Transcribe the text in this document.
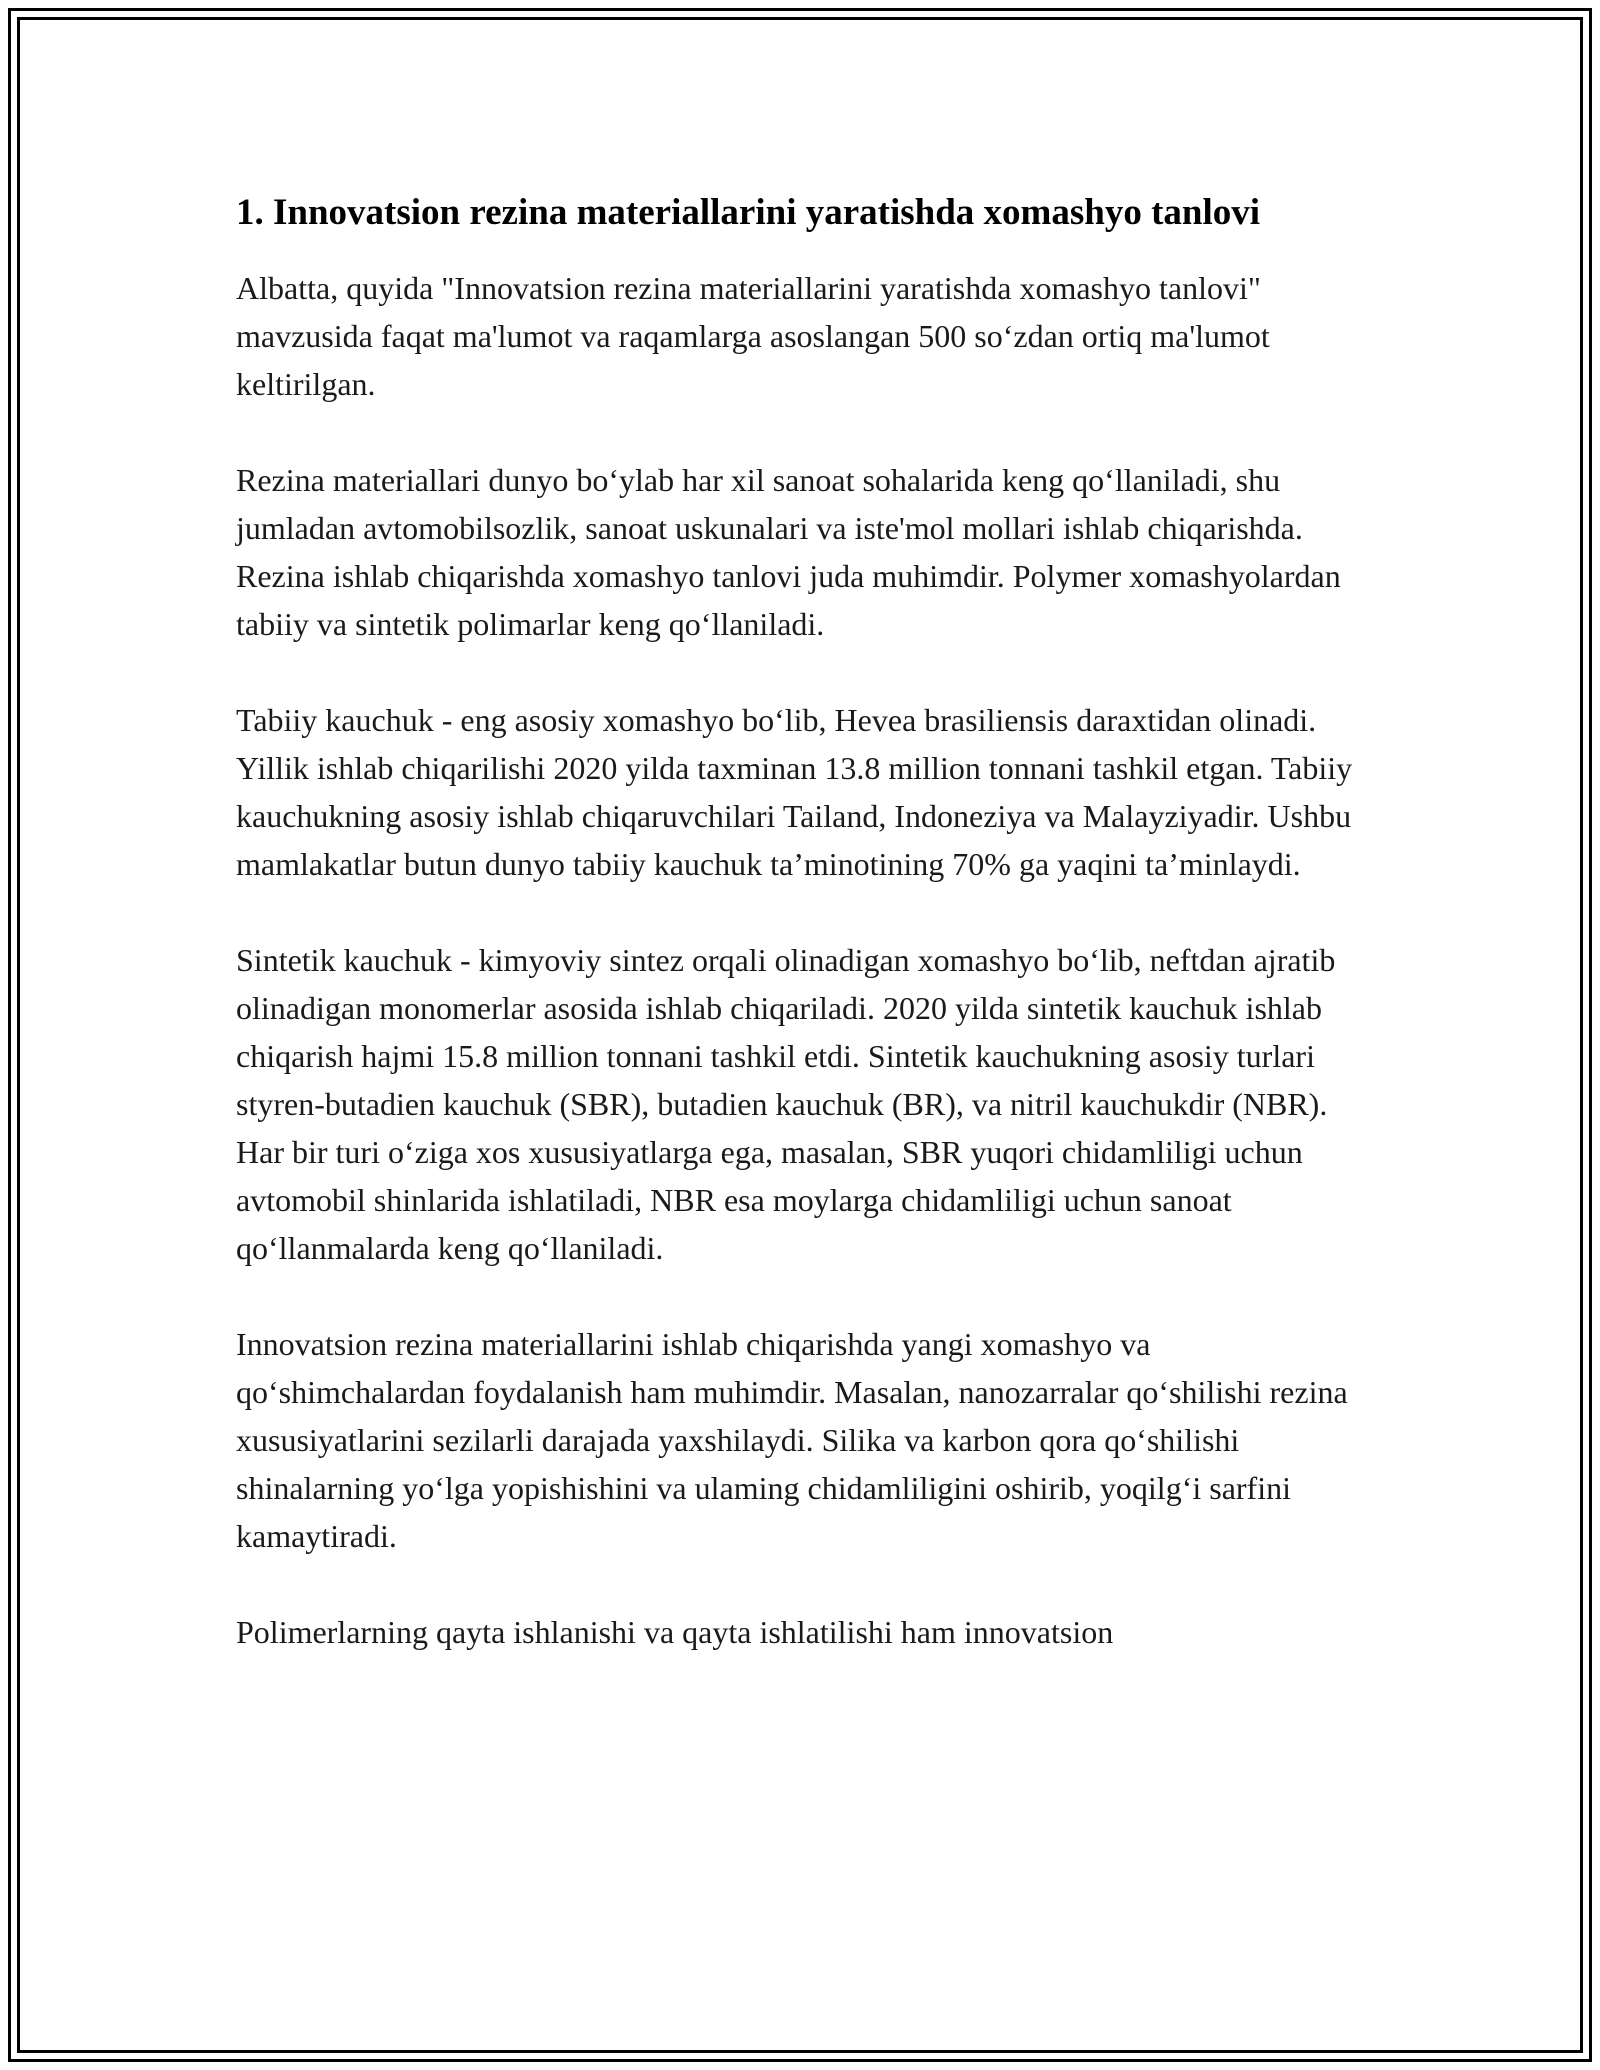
1. Innovatsion rezina materiallarini yaratishda xomashyo tanlovi

Albatta, quyida "Innovatsion rezina materiallarini yaratishda xomashyo tanlovi" mavzusida faqat ma'lumot va raqamlarga asoslangan 500 so‘zdan ortiq ma'lumot keltirilgan.

Rezina materiallari dunyo bo‘ylab har xil sanoat sohalarida keng qo‘llaniladi, shu jumladan avtomobilsozlik, sanoat uskunalari va iste'mol mollari ishlab chiqarishda. Rezina ishlab chiqarishda xomashyo tanlovi juda muhimdir. Polymer xomashyolardan tabiiy va sintetik polimarlar keng qo‘llaniladi.

Tabiiy kauchuk - eng asosiy xomashyo bo‘lib, Hevea brasiliensis daraxtidan olinadi. Yillik ishlab chiqarilishi 2020 yilda taxminan 13.8 million tonnani tashkil etgan. Tabiiy kauchukning asosiy ishlab chiqaruvchilari Tailand, Indoneziya va Malayziyadir. Ushbu mamlakatlar butun dunyo tabiiy kauchuk ta’minotining 70% ga yaqini ta’minlaydi.

Sintetik kauchuk - kimyoviy sintez orqali olinadigan xomashyo bo‘lib, neftdan ajratib olinadigan monomerlar asosida ishlab chiqariladi. 2020 yilda sintetik kauchuk ishlab chiqarish hajmi 15.8 million tonnani tashkil etdi. Sintetik kauchukning asosiy turlari styren-butadien kauchuk (SBR), butadien kauchuk (BR), va nitril kauchukdir (NBR). Har bir turi o‘ziga xos xususiyatlarga ega, masalan, SBR yuqori chidamliligi uchun avtomobil shinlarida ishlatiladi, NBR esa moylarga chidamliligi uchun sanoat qo‘llanmalarda keng qo‘llaniladi.

Innovatsion rezina materiallarini ishlab chiqarishda yangi xomashyo va qo‘shimchalardan foydalanish ham muhimdir. Masalan, nanozarralar qo‘shilishi rezina xususiyatlarini sezilarli darajada yaxshilaydi. Silika va karbon qora qo‘shilishi shinalarning yo‘lga yopishishini va ulaming chidamliligini oshirib, yoqilg‘i sarfini kamaytiradi.

Polimerlarning qayta ishlanishi va qayta ishlatilishi ham innovatsion
